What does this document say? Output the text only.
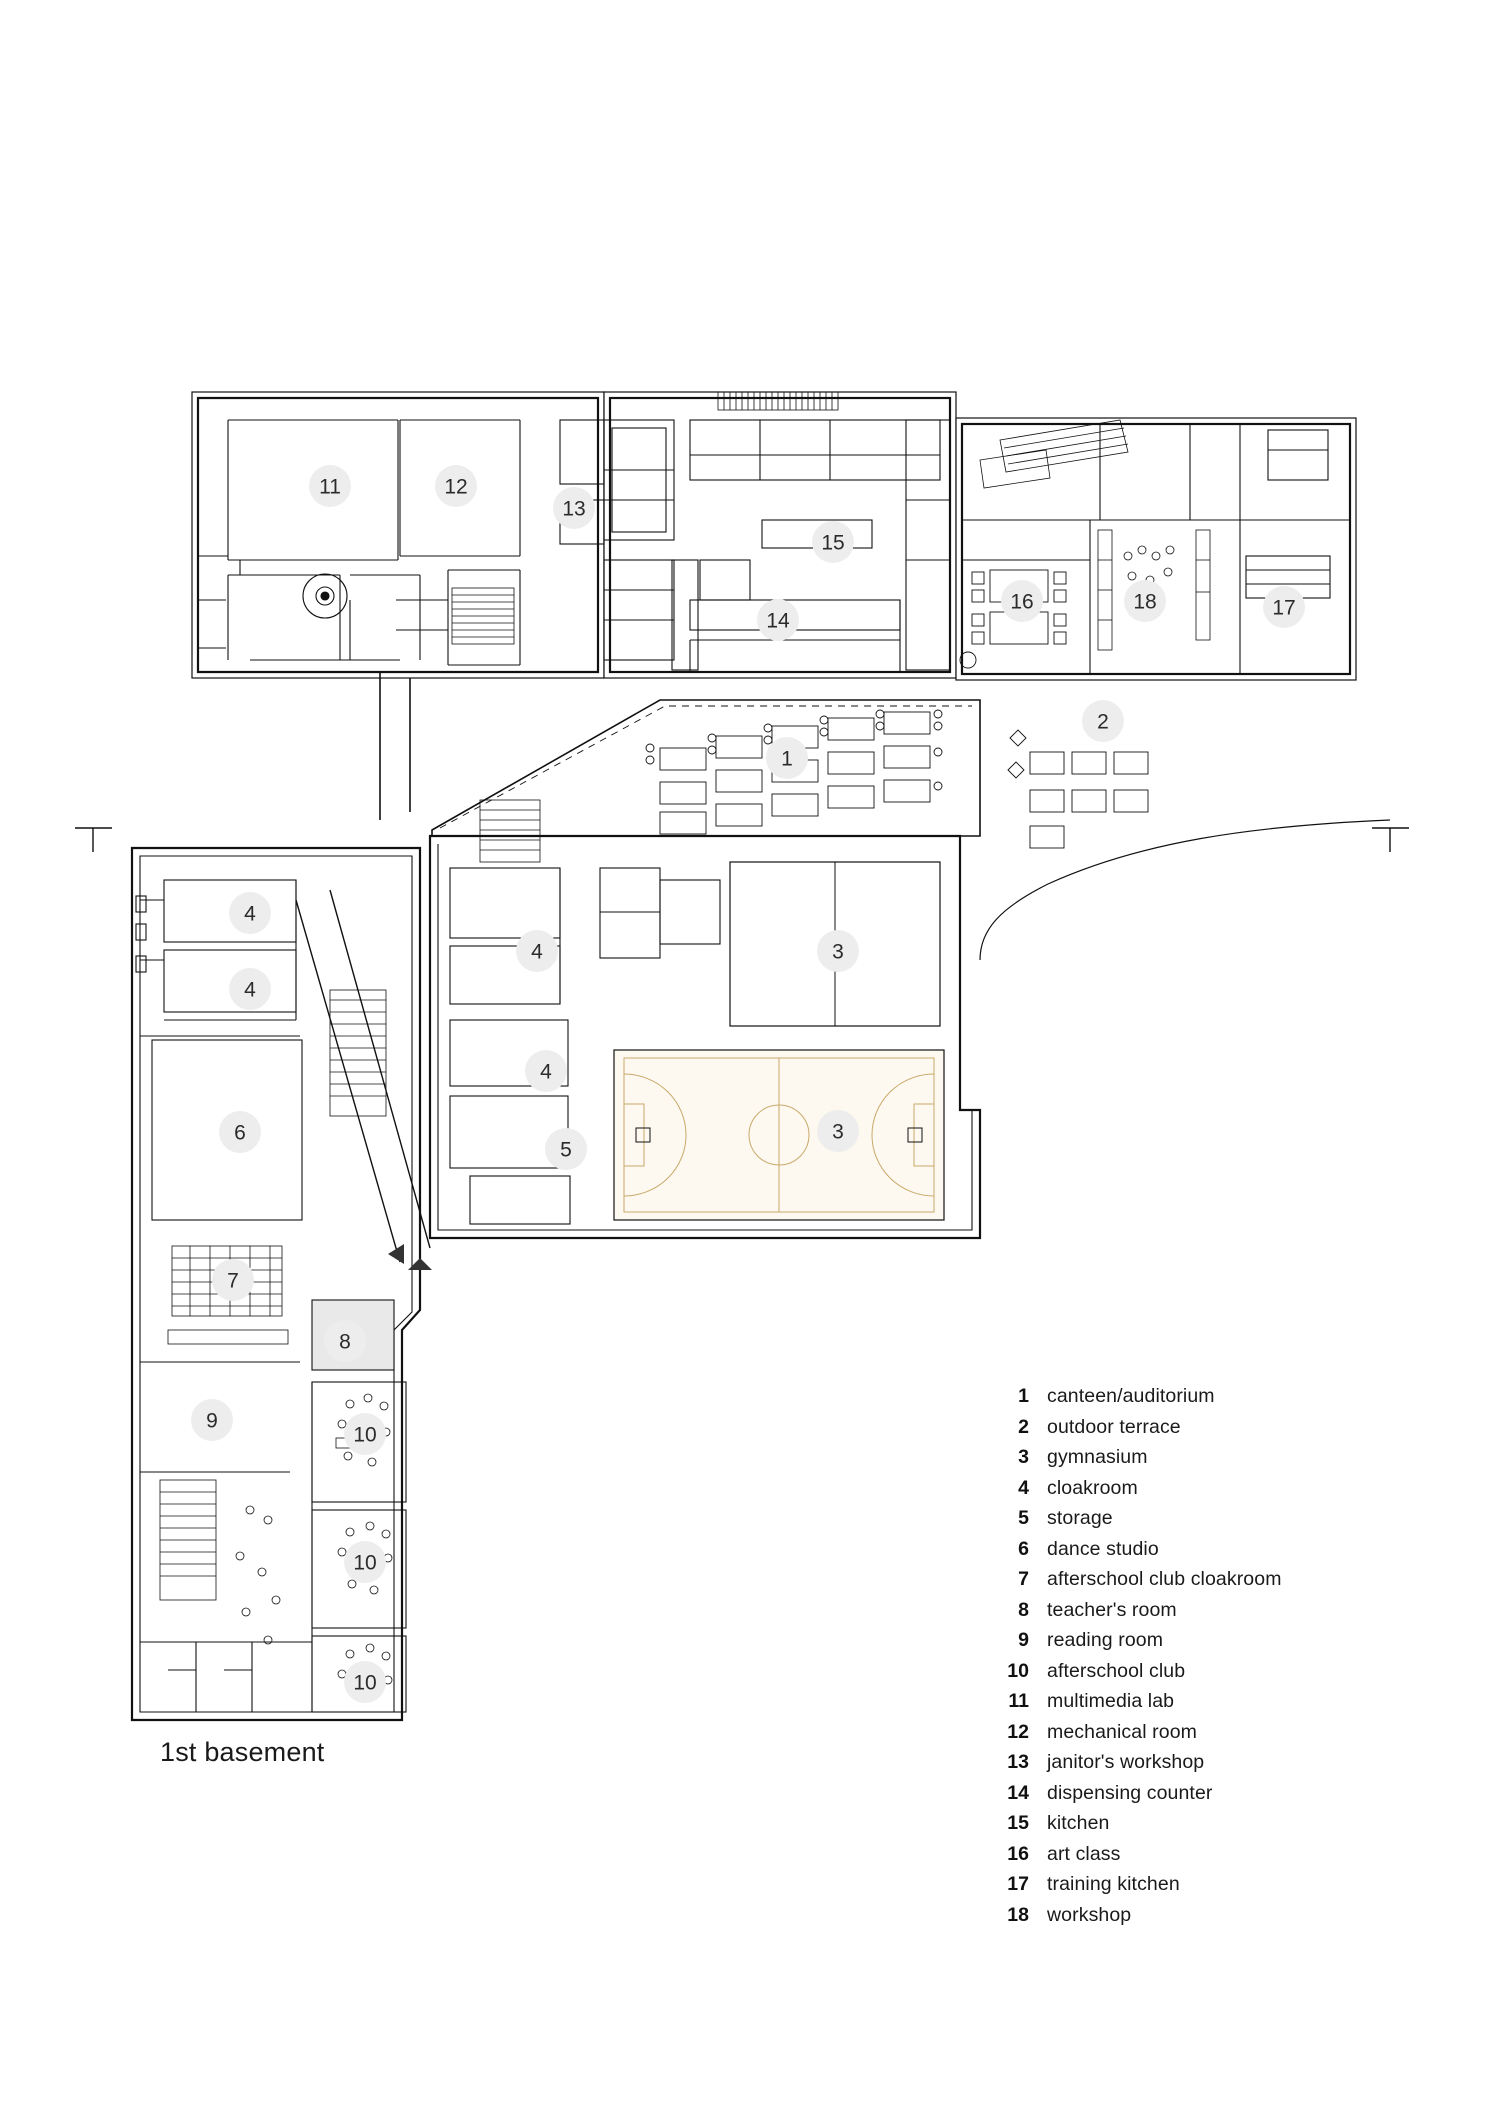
11	12
13
15
14
16	18	17
2
1
4
4
4	3
6
4
5
3
7
8
9
10
10
10
1st basement
1 canteen/auditorium
2 outdoor terrace
3 gymnasium
4 cloakroom
5 storage
6 dance studio
7 afterschool club cloakroom
8 teacher's room
9 reading room
10 afterschool club
11 multimedia lab
12 mechanical room
13 janitor's workshop
14 dispensing counter
15 kitchen
16 art class
17 training kitchen
18 workshop
